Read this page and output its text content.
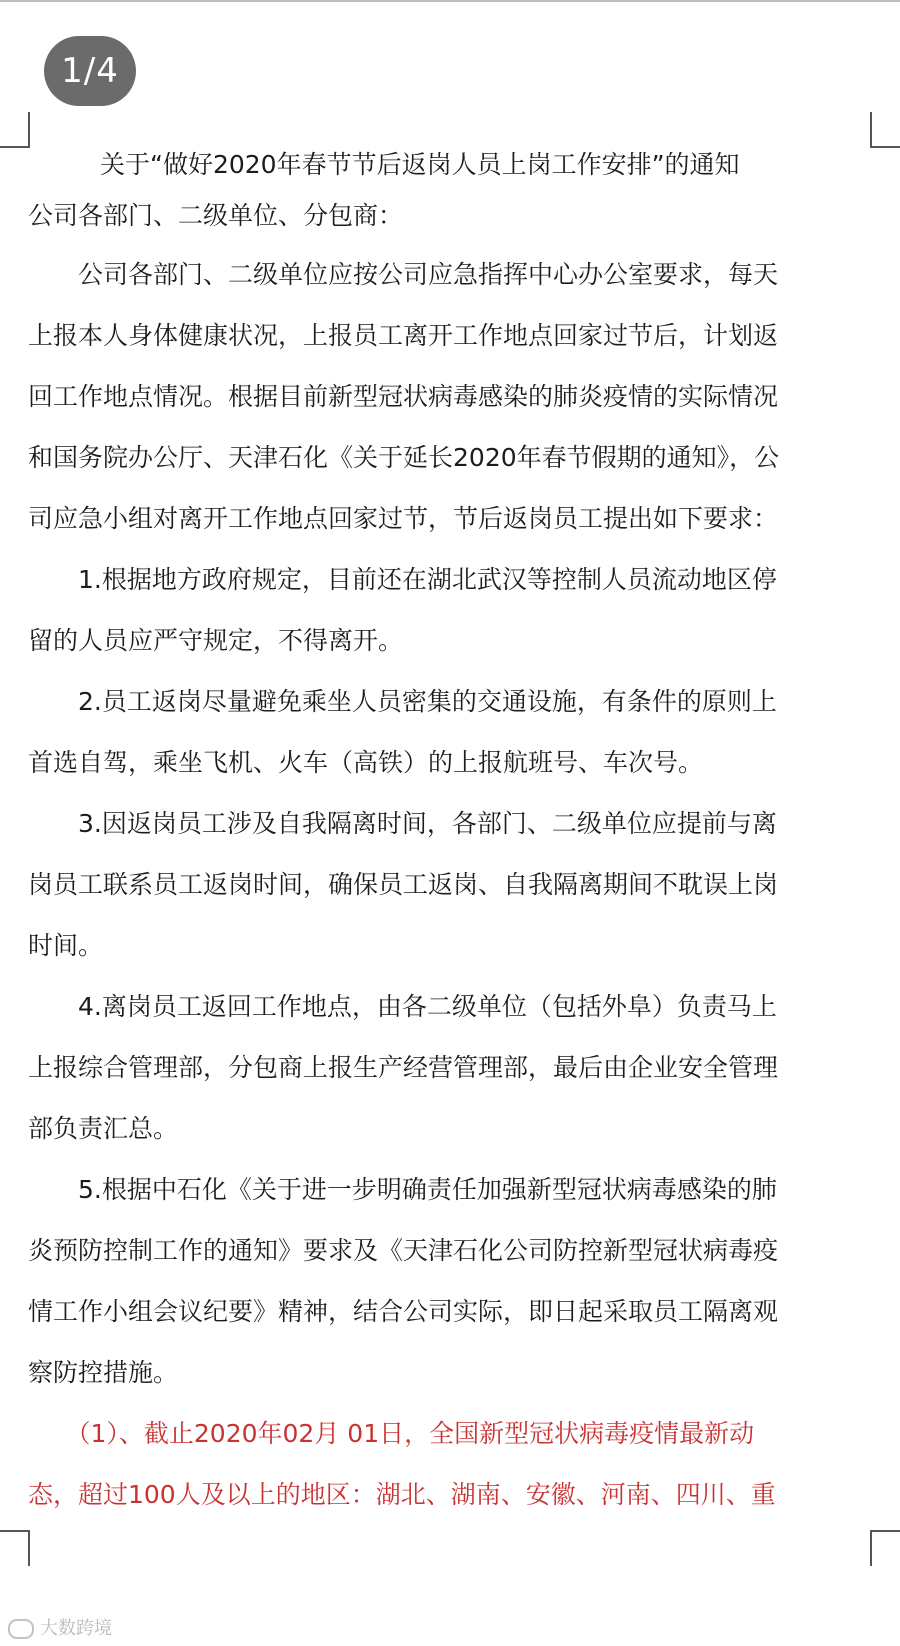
1/4
关于“做好2020年春节节后返岗人员上岗工作安排”的通知
公司各部门、二级单位、分包商：
　　公司各部门、二级单位应按公司应急指挥中心办公室要求，每天
上报本人身体健康状况，上报员工离开工作地点回家过节后，计划返
回工作地点情况。根据目前新型冠状病毒感染的肺炎疫情的实际情况
和国务院办公厅、天津石化《关于延长2020年春节假期的通知》，公
司应急小组对离开工作地点回家过节，节后返岗员工提出如下要求：
　　1.根据地方政府规定，目前还在湖北武汉等控制人员流动地区停
留的人员应严守规定，不得离开。
　　2.员工返岗尽量避免乘坐人员密集的交通设施，有条件的原则上
首选自驾，乘坐飞机、火车（高铁）的上报航班号、车次号。
　　3.因返岗员工涉及自我隔离时间，各部门、二级单位应提前与离
岗员工联系员工返岗时间，确保员工返岗、自我隔离期间不耽误上岗
时间。
　　4.离岗员工返回工作地点，由各二级单位（包括外阜）负责马上
上报综合管理部，分包商上报生产经营管理部，最后由企业安全管理
部负责汇总。
　　5.根据中石化《关于进一步明确责任加强新型冠状病毒感染的肺
炎预防控制工作的通知》要求及《天津石化公司防控新型冠状病毒疫
情工作小组会议纪要》精神，结合公司实际，即日起采取员工隔离观
察防控措施。
　　（1）、截止2020年02月 01日，全国新型冠状病毒疫情最新动
态，超过100人及以上的地区：湖北、湖南、安徽、河南、四川、重
大数跨境
